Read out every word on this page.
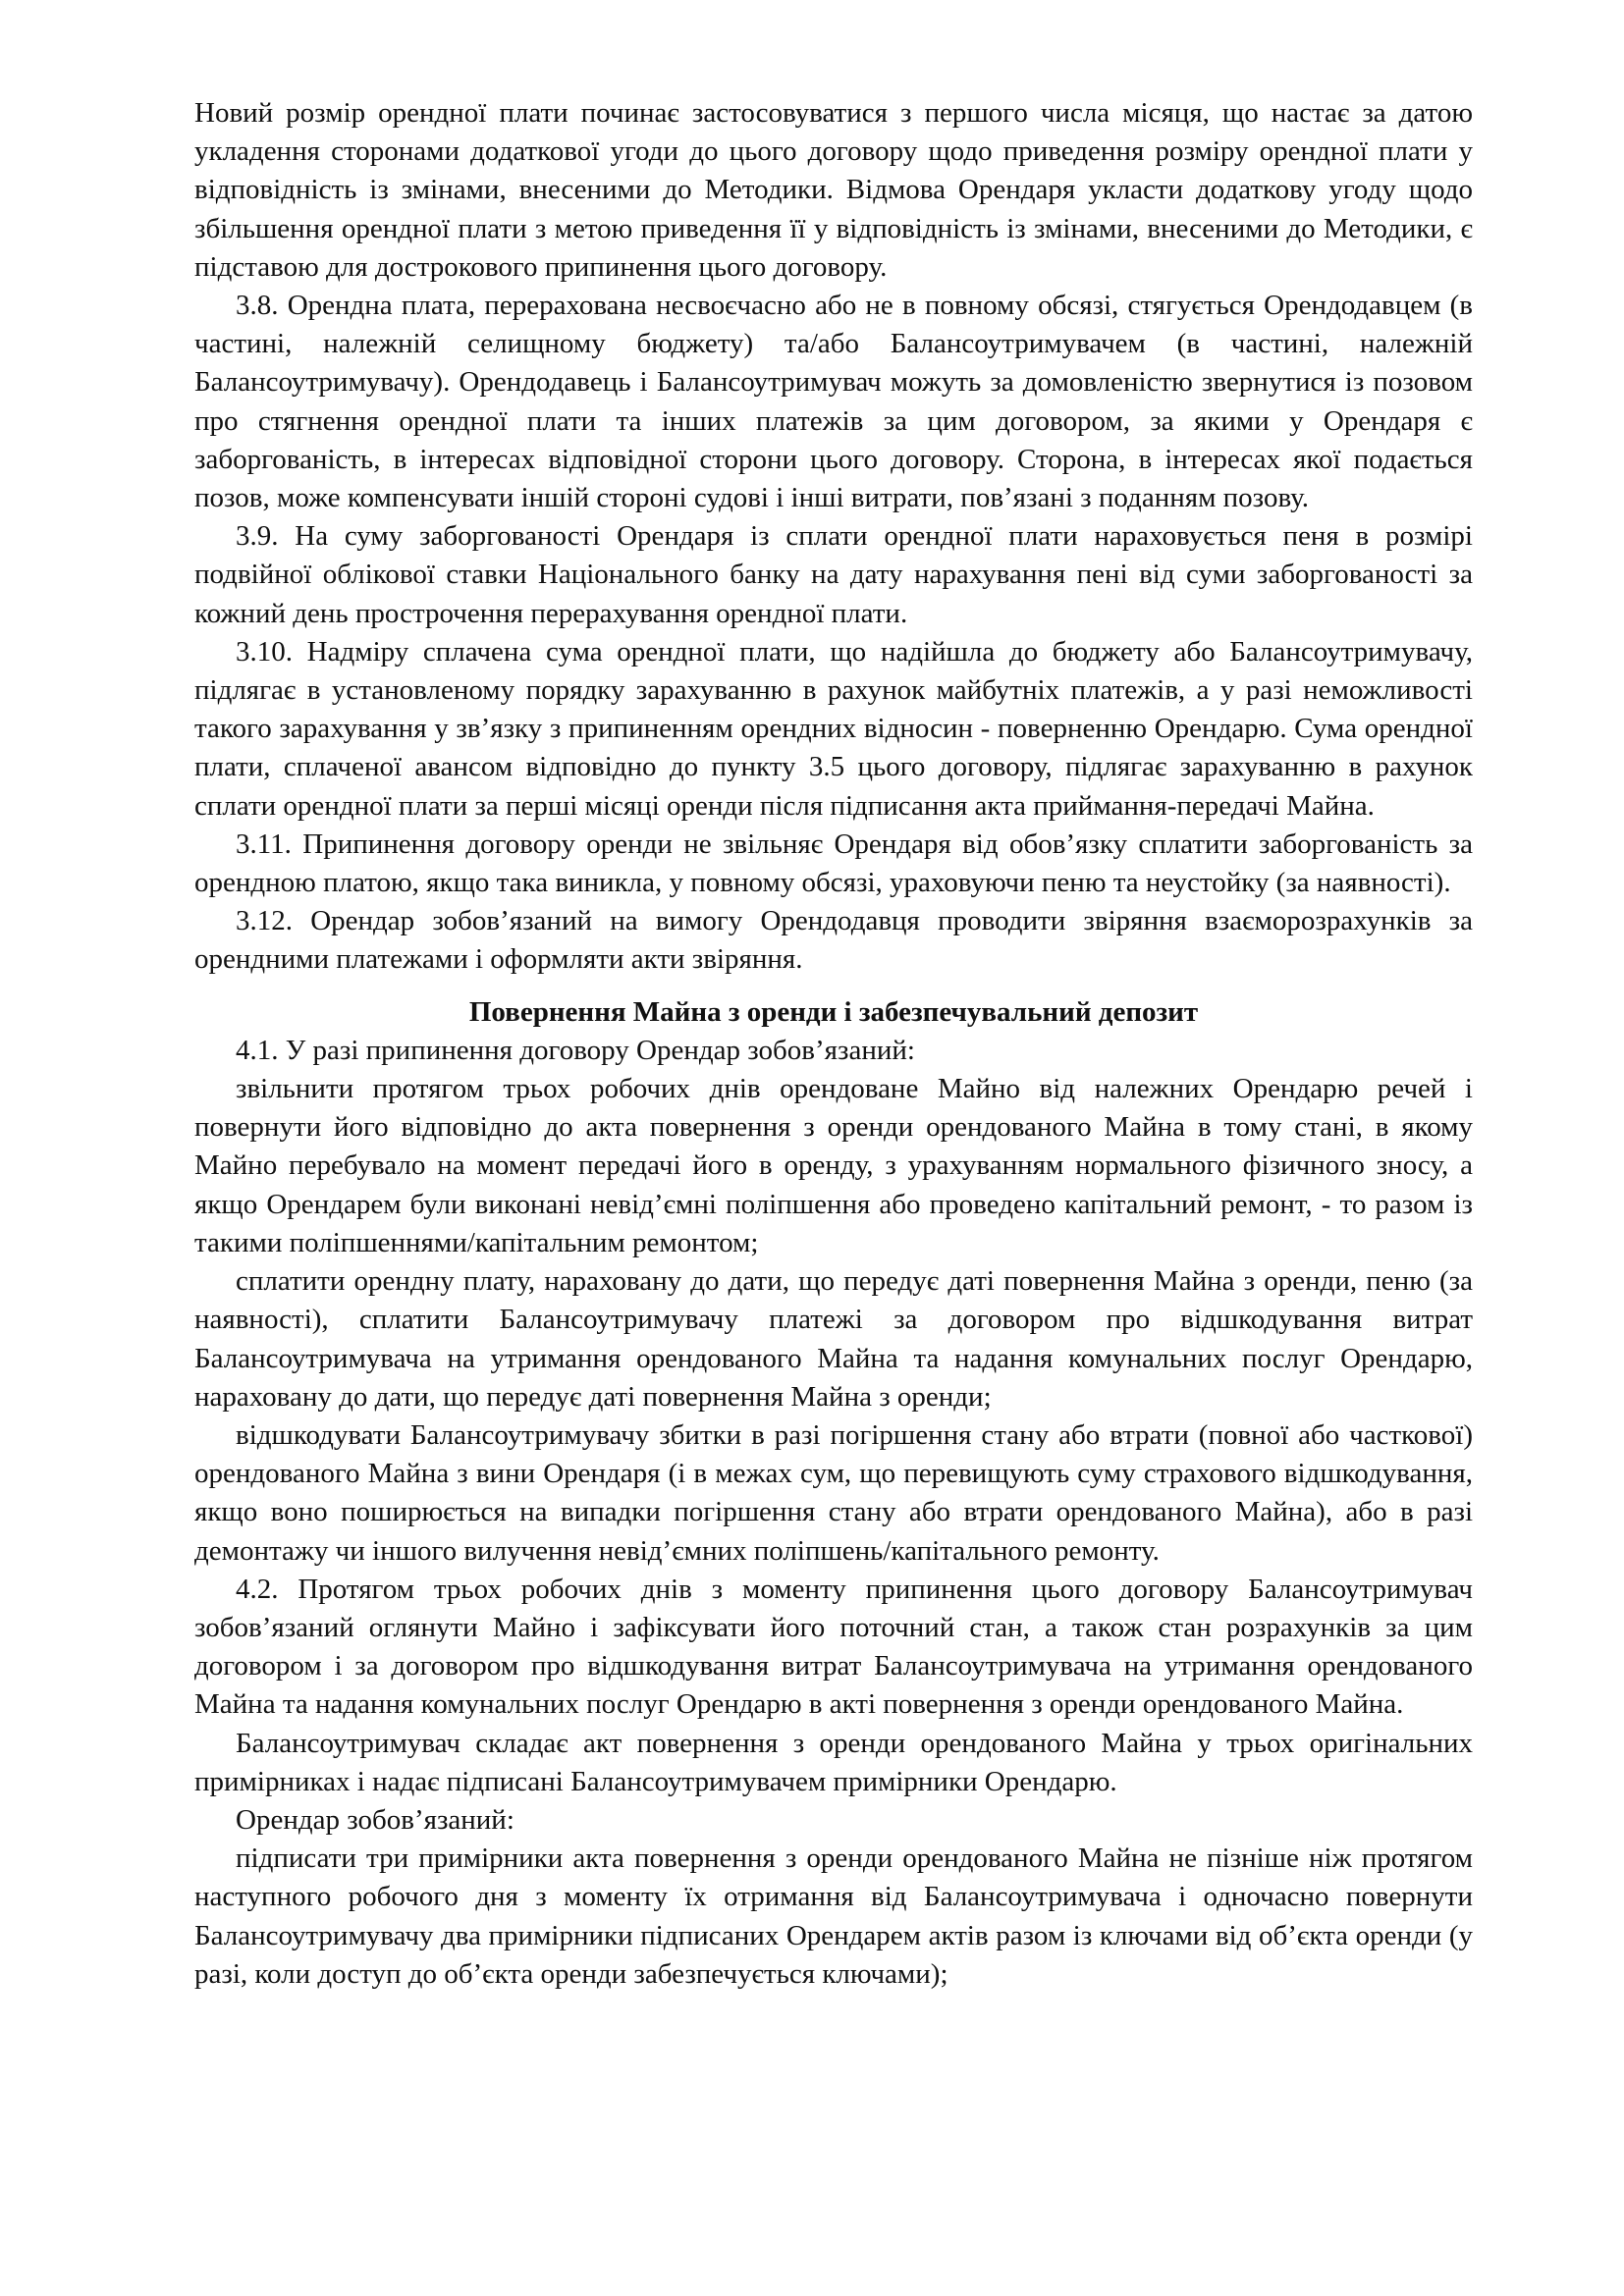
Новий розмір орендної плати починає застосовуватися з першого числа місяця, що настає за датою укладення сторонами додаткової угоди до цього договору щодо приведення розміру орендної плати у відповідність із змінами, внесеними до Методики. Відмова Орендаря укласти додаткову угоду щодо збільшення орендної плати з метою приведення її у відповідність із змінами, внесеними до Методики, є підставою для дострокового припинення цього договору.

3.8. Орендна плата, перерахована несвоєчасно або не в повному обсязі, стягується Орендодавцем (в частині, належній селищному бюджету) та/або Балансоутримувачем (в частині, належній Балансоутримувачу). Орендодавець і Балансоутримувач можуть за домовленістю звернутися із позовом про стягнення орендної плати та інших платежів за цим договором, за якими у Орендаря є заборгованість, в інтересах відповідної сторони цього договору. Сторона, в інтересах якої подається позов, може компенсувати іншій стороні судові і інші витрати, пов’язані з поданням позову.

3.9. На суму заборгованості Орендаря із сплати орендної плати нараховується пеня в розмірі подвійної облікової ставки Національного банку на дату нарахування пені від суми заборгованості за кожний день прострочення перерахування орендної плати.

3.10. Надміру сплачена сума орендної плати, що надійшла до бюджету або Балансоутримувачу, підлягає в установленому порядку зарахуванню в рахунок майбутніх платежів, а у разі неможливості такого зарахування у зв’язку з припиненням орендних відносин - поверненню Орендарю. Сума орендної плати, сплаченої авансом відповідно до пункту 3.5 цього договору, підлягає зарахуванню в рахунок сплати орендної плати за перші місяці оренди після підписання акта приймання-передачі Майна.

3.11. Припинення договору оренди не звільняє Орендаря від обов’язку сплатити заборгованість за орендною платою, якщо така виникла, у повному обсязі, ураховуючи пеню та неустойку (за наявності).

3.12. Орендар зобов’язаний на вимогу Орендодавця проводити звіряння взаєморозрахунків за орендними платежами і оформляти акти звіряння.

Повернення Майна з оренди і забезпечувальний депозит

4.1. У разі припинення договору Орендар зобов’язаний:

звільнити протягом трьох робочих днів орендоване Майно від належних Орендарю речей і повернути його відповідно до акта повернення з оренди орендованого Майна в тому стані, в якому Майно перебувало на момент передачі його в оренду, з урахуванням нормального фізичного зносу, а якщо Орендарем були виконані невід’ємні поліпшення або проведено капітальний ремонт, - то разом із такими поліпшеннями/капітальним ремонтом;

сплатити орендну плату, нараховану до дати, що передує даті повернення Майна з оренди, пеню (за наявності), сплатити Балансоутримувачу платежі за договором про відшкодування витрат Балансоутримувача на утримання орендованого Майна та надання комунальних послуг Орендарю, нараховану до дати, що передує даті повернення Майна з оренди;

відшкодувати Балансоутримувачу збитки в разі погіршення стану або втрати (повної або часткової) орендованого Майна з вини Орендаря (і в межах сум, що перевищують суму страхового відшкодування, якщо воно поширюється на випадки погіршення стану або втрати орендованого Майна), або в разі демонтажу чи іншого вилучення невід’ємних поліпшень/капітального ремонту.

4.2. Протягом трьох робочих днів з моменту припинення цього договору Балансоутримувач зобов’язаний оглянути Майно і зафіксувати його поточний стан, а також стан розрахунків за цим договором і за договором про відшкодування витрат Балансоутримувача на утримання орендованого Майна та надання комунальних послуг Орендарю в акті повернення з оренди орендованого Майна.

Балансоутримувач складає акт повернення з оренди орендованого Майна у трьох оригінальних примірниках і надає підписані Балансоутримувачем примірники Орендарю.

Орендар зобов’язаний:

підписати три примірники акта повернення з оренди орендованого Майна не пізніше ніж протягом наступного робочого дня з моменту їх отримання від Балансоутримувача і одночасно повернути Балансоутримувачу два примірники підписаних Орендарем актів разом із ключами від об’єкта оренди (у разі, коли доступ до об’єкта оренди забезпечується ключами);
